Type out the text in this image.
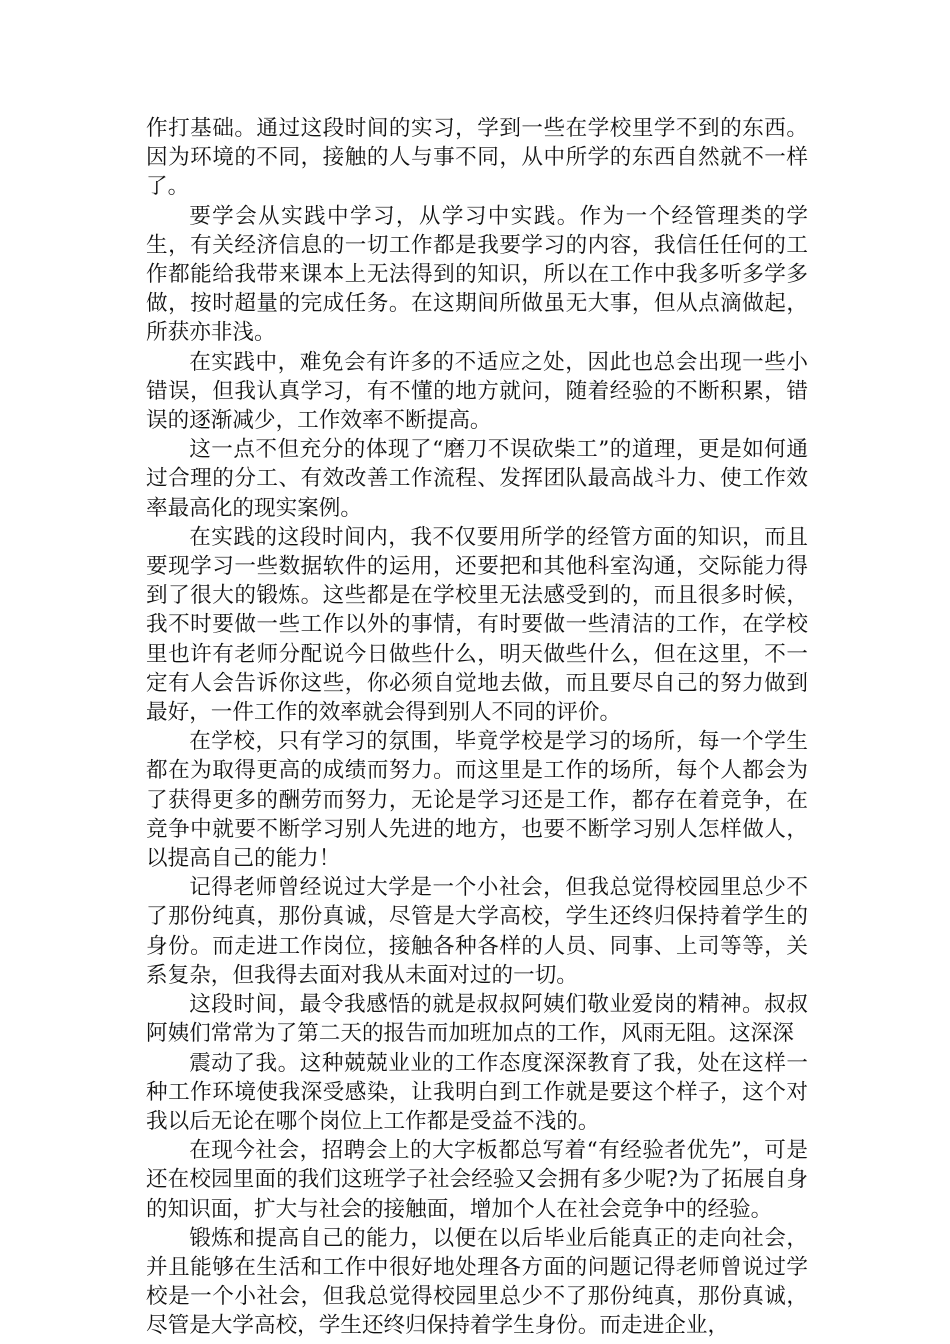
作打基础。通过这段时间的实习，学到一些在学校里学不到的东西。因为环境的不同，接触的人与事不同，从中所学的东西自然就不一样了。

要学会从实践中学习，从学习中实践。作为一个经管理类的学生，有关经济信息的一切工作都是我要学习的内容，我信任任何的工作都能给我带来课本上无法得到的知识，所以在工作中我多听多学多做，按时超量的完成任务。在这期间所做虽无大事，但从点滴做起，所获亦非浅。

在实践中，难免会有许多的不适应之处，因此也总会出现一些小错误，但我认真学习，有不懂的地方就问，随着经验的不断积累，错误的逐渐减少，工作效率不断提高。

这一点不但充分的体现了“磨刀不误砍柴工”的道理，更是如何通过合理的分工、有效改善工作流程、发挥团队最高战斗力、使工作效率最高化的现实案例。

在实践的这段时间内，我不仅要用所学的经管方面的知识，而且要现学习一些数据软件的运用，还要把和其他科室沟通，交际能力得到了很大的锻炼。这些都是在学校里无法感受到的，而且很多时候，我不时要做一些工作以外的事情，有时要做一些清洁的工作，在学校里也许有老师分配说今日做些什么，明天做些什么，但在这里，不一定有人会告诉你这些，你必须自觉地去做，而且要尽自己的努力做到最好，一件工作的效率就会得到别人不同的评价。

在学校，只有学习的氛围，毕竟学校是学习的场所，每一个学生都在为取得更高的成绩而努力。而这里是工作的场所，每个人都会为了获得更多的酬劳而努力，无论是学习还是工作，都存在着竞争，在竞争中就要不断学习别人先进的地方，也要不断学习别人怎样做人，以提高自己的能力！

记得老师曾经说过大学是一个小社会，但我总觉得校园里总少不了那份纯真，那份真诚，尽管是大学高校，学生还终归保持着学生的身份。而走进工作岗位，接触各种各样的人员、同事、上司等等，关系复杂，但我得去面对我从未面对过的一切。

这段时间，最令我感悟的就是叔叔阿姨们敬业爱岗的精神。叔叔阿姨们常常为了第二天的报告而加班加点的工作，风雨无阻。这深深

震动了我。这种兢兢业业的工作态度深深教育了我，处在这样一种工作环境使我深受感染，让我明白到工作就是要这个样子，这个对我以后无论在哪个岗位上工作都是受益不浅的。

在现今社会，招聘会上的大字板都总写着“有经验者优先”，可是还在校园里面的我们这班学子社会经验又会拥有多少呢?为了拓展自身的知识面，扩大与社会的接触面，增加个人在社会竞争中的经验。

锻炼和提高自己的能力，以便在以后毕业后能真正的走向社会，并且能够在生活和工作中很好地处理各方面的问题记得老师曾说过学校是一个小社会，但我总觉得校园里总少不了那份纯真，那份真诚，尽管是大学高校，学生还终归保持着学生身份。而走进企业，
